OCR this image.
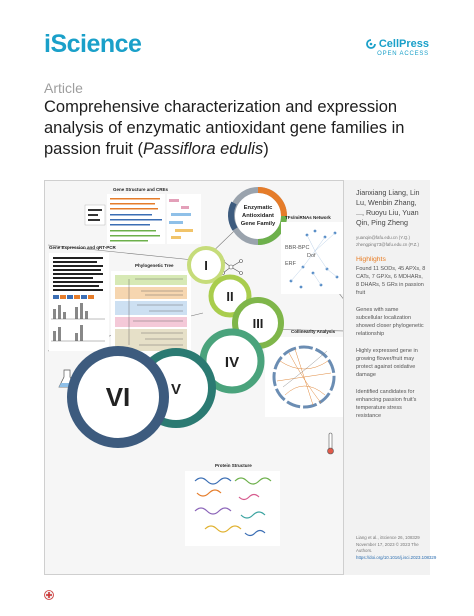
iScience	CellPress
OPEN ACCESS
Article
Comprehensive characterization and expression analysis of enzymatic antioxidant gene families in passion fruit (Passiflora edulis)
Gene Structure and CREs
Enzymatic
Antioxidant
Gene Family
TFs/miRNAs Network
BBR-BPC
Dof
ERF
Gene Expression and qRT-PCR
Phylogenetic Tree
Collinearity Analysis
Protein Structure
I
II
III
IV
V
VI
Jianxiang Liang, Lin Lu, Wenbin Zhang, ..., Ruoyu Liu, Yuan Qin, Ping Zheng
yuanqin@fafu.edu.cn (Y.Q.)
zhengping73@fafu.edu.cn (P.Z.)
Highlights
Found 11 SODs, 45 APXs, 8 CATs, 7 GPXs, 6 MDHARs, 8 DHARs, 5 GRs in passion fruit
Genes with same subcellular localization showed closer phylogenetic relationship
Highly expressed gene in growing flower/fruit may protect against oxidative damage
Identified candidates for enhancing passion fruit's temperature stress resistance
Liang et al., iScience 26, 108329 November 17, 2023 © 2023 The Authors.
https://doi.org/10.1016/j.isci.2023.108329
